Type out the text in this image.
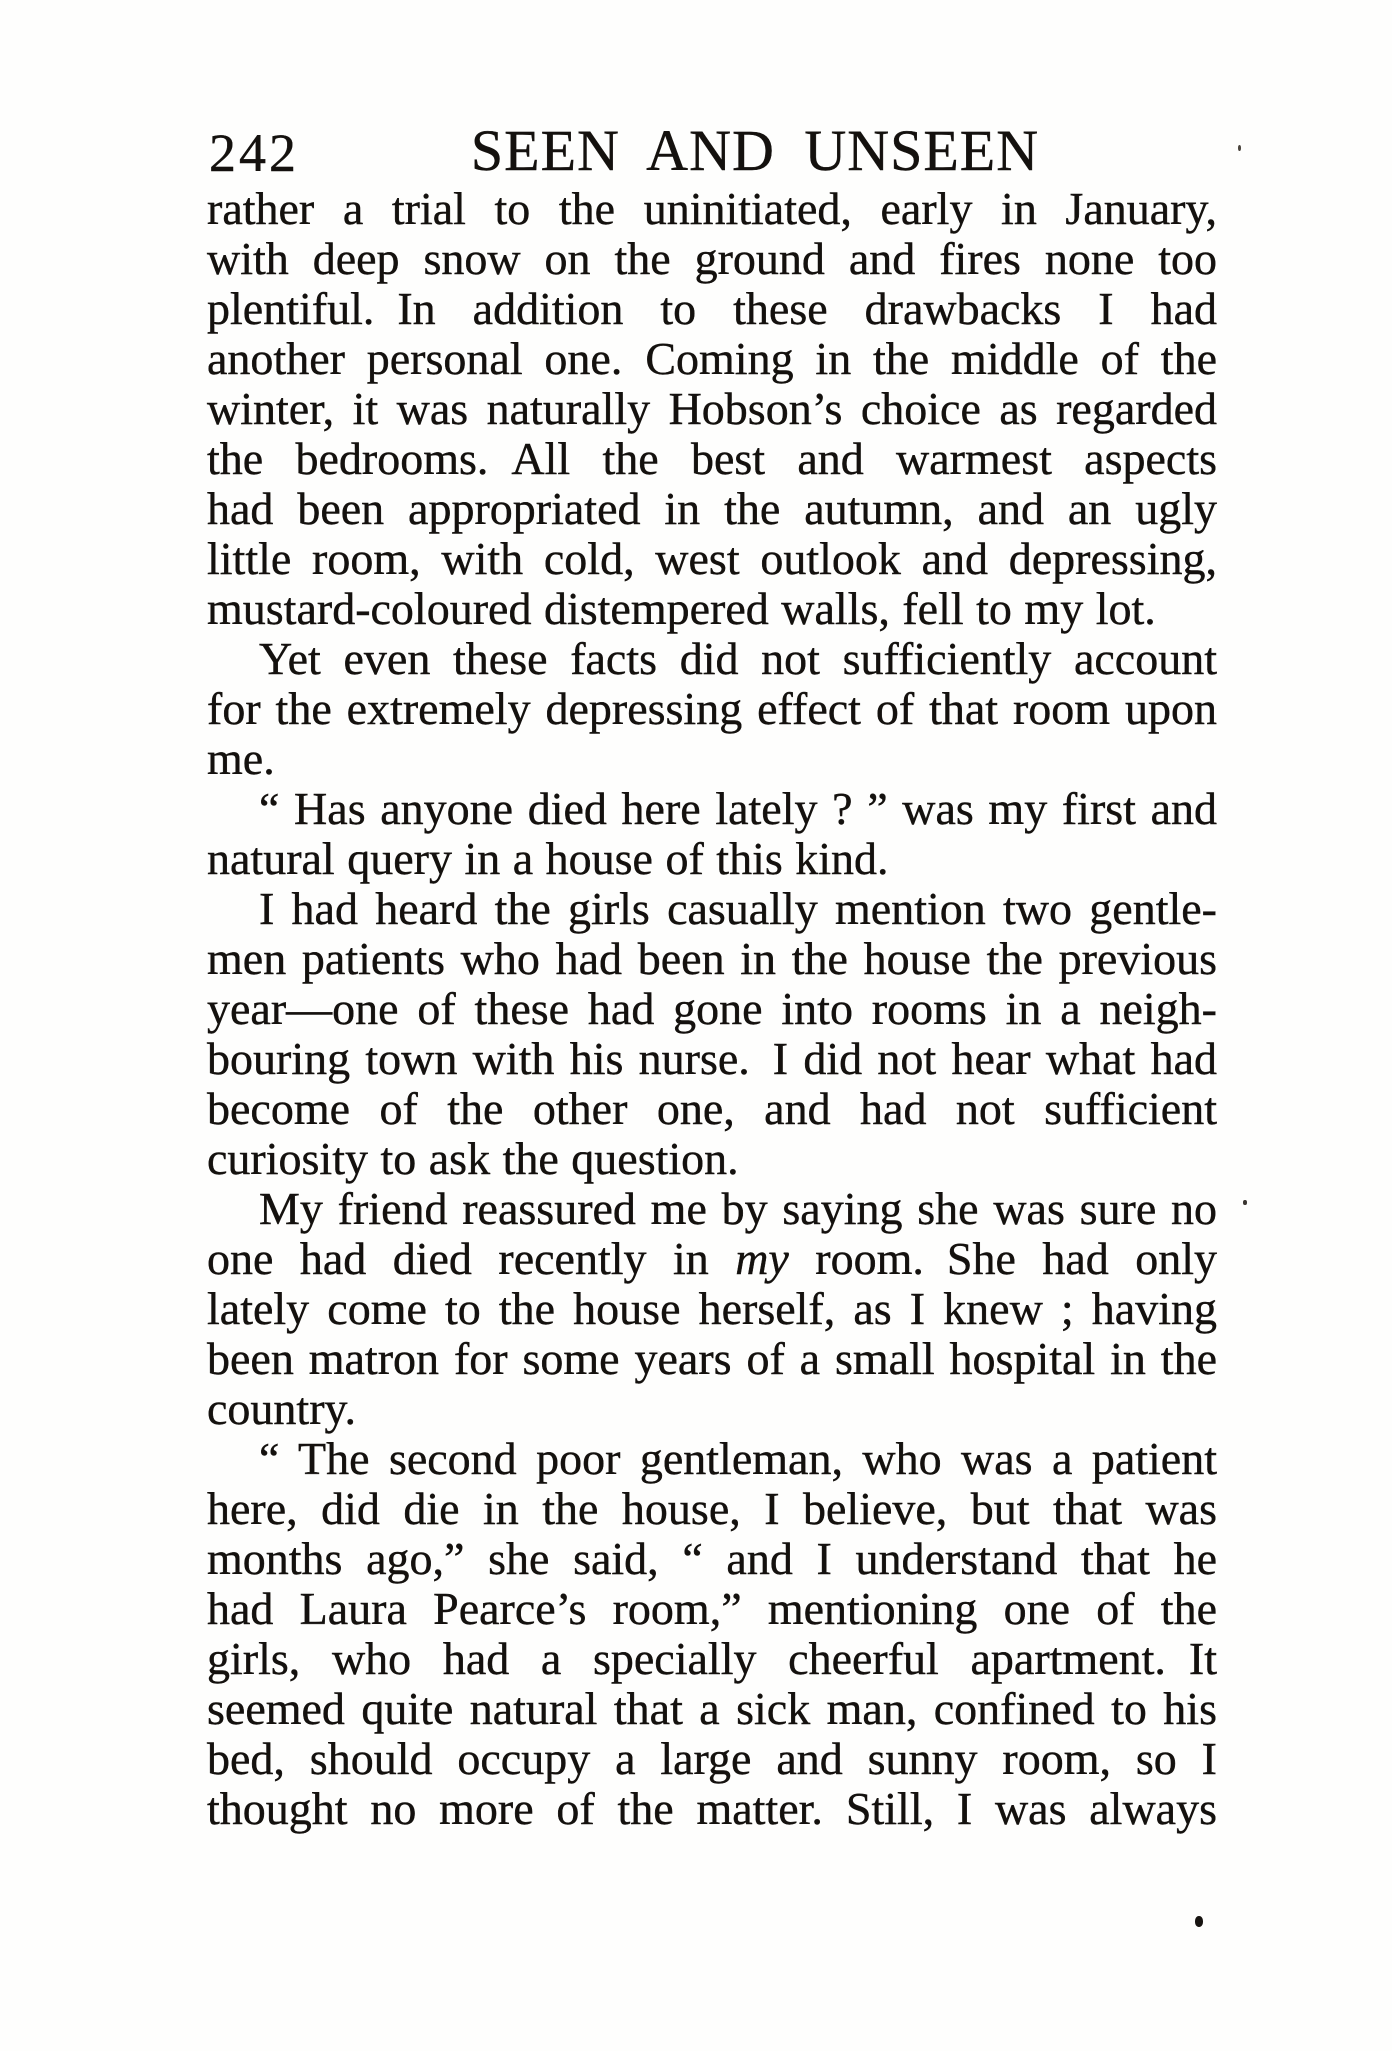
242	SEEN AND UNSEEN
rather a trial to the uninitiated, early in January,
with deep snow on the ground and fires none too
plentiful. In addition to these drawbacks I had
another personal one. Coming in the middle of the
winter, it was naturally Hobson’s choice as regarded
the bedrooms. All the best and warmest aspects
had been appropriated in the autumn, and an ugly
little room, with cold, west outlook and depressing,
mustard-coloured distempered walls, fell to my lot.
Yet even these facts did not sufficiently account
for the extremely depressing effect of that room upon
me.
“ Has anyone died here lately ? ” was my first and
natural query in a house of this kind.
I had heard the girls casually mention two gentle-
men patients who had been in the house the previous
year—one of these had gone into rooms in a neigh-
bouring town with his nurse. I did not hear what had
become of the other one, and had not sufficient
curiosity to ask the question.
My friend reassured me by saying she was sure no
one had died recently in my room. She had only
lately come to the house herself, as I knew ; having
been matron for some years of a small hospital in the
country.
“ The second poor gentleman, who was a patient
here, did die in the house, I believe, but that was
months ago,” she said, “ and I understand that he
had Laura Pearce’s room,” mentioning one of the
girls, who had a specially cheerful apartment. It
seemed quite natural that a sick man, confined to his
bed, should occupy a large and sunny room, so I
thought no more of the matter. Still, I was always
